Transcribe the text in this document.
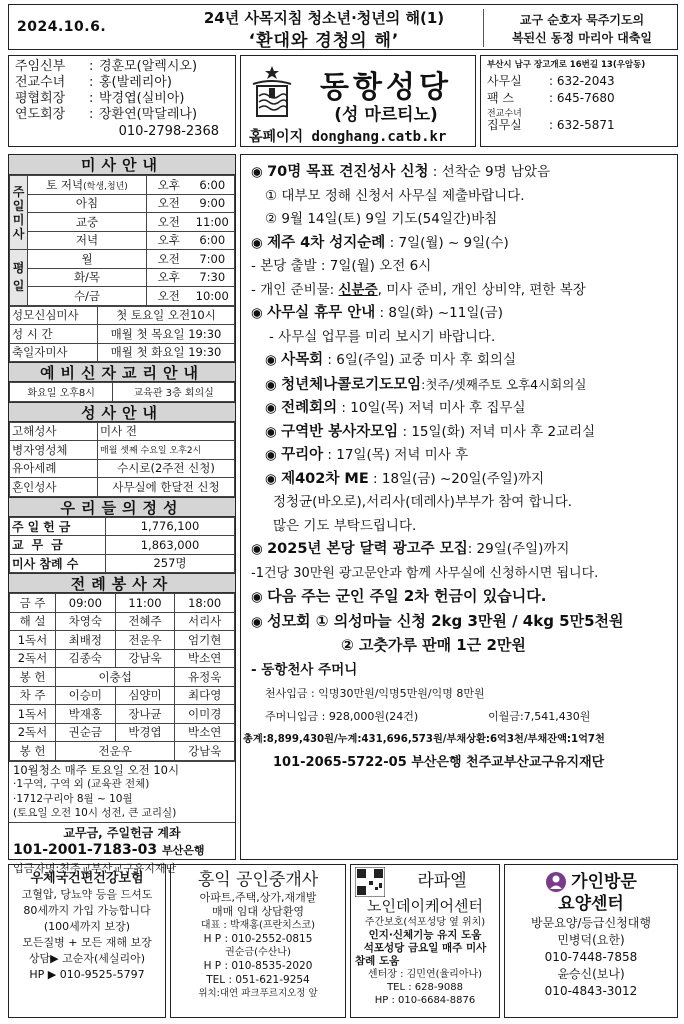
2024.10.6.	24년 사목지침 청소년·청년의 해(1)
‘환대와 경청의 해’
교구 순호자 묵주기도의
복된신 동정 마리아 대축일
주임신부	: 경훈모(알렉시오)
전교수녀	: 홍(발레리아)
평협회장	: 박경엽(실비아)
연도회장	: 장환연(막달레나)
010-2798-2368
동항성당
(성 마르티노)
홈페이지 donghang.catb.kr
부산시 남구 장고개로 16번길 13(우암동)
사무실	: 632-2043
팩 스	: 645-7680
전교수녀
집무실	: 632-5871
미사안내
주
일
미
사	토 저녁(학생,청년)	오후	6:00
	아침	오전	9:00
	교중	오전	11:00
	저녁	오후	6:00
평
일	월	오전	7:00
	화/목	오후	7:30
	수/금	오전	10:00
성모신심미사	첫 토요일 오전10시
성 시 간	매월 첫 목요일 19:30
축일자미사	매월 첫 화요일 19:30
예비신자교리안내
화요일 오후8시	교육관 3층 회의실
성사안내
고해성사	미사 전
병자영성체	매월 셋째 수요일 오후2시
유아세례	수시로(2주전 신청)
혼인성사	사무실에 한달전 신청
우리들의정성
주일헌금	1,776,100
교무금	1,863,000
미사 참례 수	257명
전례봉사자
금 주	09:00	11:00	18:00
해 설	차영숙	전혜주	서리사
1독서	최배정	전운우	엄기현
2독서	김종숙	강남욱	박소연
봉 헌	이충섭		유정욱
차 주	이승미	심양미	최다영
1독서	박재홍	장나균	이미경
2독서	권순금	박경엽	박소연
봉 헌	전운우		강남욱
10월청소 매주 토요일 오전 10시
·1구역, 구역 외 (교육관 전체)
·1712구리아 8월 ~ 10월
(토요일 오전 10시 성전, 큰 교리실)
교무금, 주일헌금 계좌
101-2001-7183-03 부산은행
입금자명:천주교부산교구유지재단
◉ 70명 목표 견진성사 신청 : 선착순 9명 남았음
① 대부모 정해 신청서 사무실 제출바랍니다.
② 9월 14일(토) 9일 기도(54일간)바침
◉ 제주 4차 성지순례 : 7일(월) ~ 9일(수)
- 본당 출발 : 7일(월) 오전 6시
- 개인 준비물: 신분증, 미사 준비, 개인 상비약, 편한 복장
◉ 사무실 휴무 안내 : 8일(화) ~11일(금)
- 사무실 업무를 미리 보시기 바랍니다.
◉ 사목회 : 6일(주일) 교중 미사 후 회의실
◉ 청년체나콜로기도모임:첫주/셋째주토 오후4시회의실
◉ 전례회의 : 10일(목) 저녁 미사 후 집무실
◉ 구역반 봉사자모임 : 15일(화) 저녁 미사 후 2교리실
◉ 꾸리아 : 17일(목) 저녁 미사 후
◉ 제402차 ME : 18일(금) ~20일(주일)까지
정청균(바오로),서리사(데레사)부부가 참여 합니다.
많은 기도 부탁드립니다.
◉ 2025년 본당 달력 광고주 모집: 29일(주일)까지
-1건당 30만원 광고문안과 함께 사무실에 신청하시면 됩니다.
◉ 다음 주는 군인 주일 2차 헌금이 있습니다.
◉ 성모회 ① 의성마늘 신청 2kg 3만원 / 4kg 5만5천원
② 고춧가루 판매 1근 2만원
- 동항천사 주머니
천사입금 : 익명30만원/익명5만원/익명 8만원
주머니입금 : 928,000원(24건)	이월금:7,541,430원
총계:8,899,430원/누계:431,696,573원/부채상환:6억3천/부채잔액:1억7천
101-2065-5722-05 부산은행 천주교부산교구유지재단
우체국건편건강보험
고혈압, 당뇨약 등을 드셔도
80세까지 가입 가능합니다
(100세까지 보장)
모든질병 + 모든 재해 보장
상담▶ 고순자(세실리아)
HP ▶ 010-9525-5797
홍익 공인중개사
아파트,주택,상가,재개발
매매 임대 상담환영
대표 : 박재홍(프란치스코)
H P : 010-2552-0815
권순금(수산나)
H P : 010-8535-2020
TEL : 051-621-9254
위치:대연 파크푸르지오정 앞
라파엘
노인데이케어센터
주간보호(석포성당 옆 위치)
인지·신체기능 유지 도움
석포성당 금요일 매주 미사
참례 도움
센터장 : 김민연(율리아나)
TEL : 628-9088
HP : 010-6684-8876
가인방문
요양센터
방문요양/등급신청대행
민병덕(요한)
010-7448-7858
윤승신(보나)
010-4843-3012
